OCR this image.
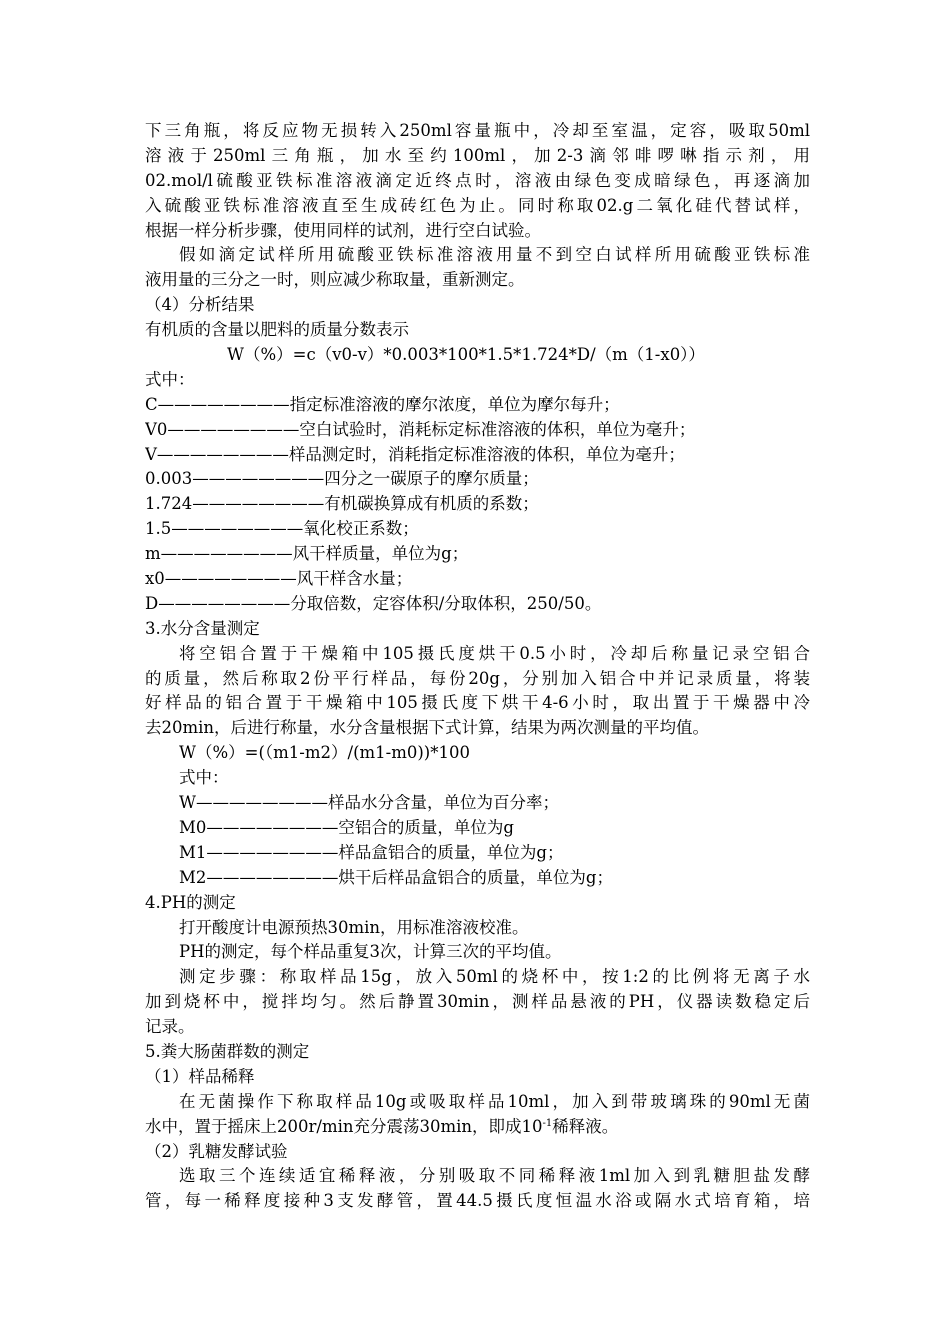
下三角瓶，将反应物无损转入250ml容量瓶中，冷却至室温，定容，吸取50ml
溶液于250ml三角瓶，加水至约100ml，加2-3滴邻啡啰啉指示剂，用
02.mol/l硫酸亚铁标准溶液滴定近终点时，溶液由绿色变成暗绿色，再逐滴加
入硫酸亚铁标准溶液直至生成砖红色为止。同时称取02.g二氧化硅代替试样，
根据一样分析步骤，使用同样的试剂，进行空白试验。
假如滴定试样所用硫酸亚铁标准溶液用量不到空白试样所用硫酸亚铁标准
液用量的三分之一时，则应减少称取量，重新测定。
（4）分析结果
有机质的含量以肥料的质量分数表示
W（%）=c（v0-v）*0.003*100*1.5*1.724*D/（m（1-x0））
式中：
C————————指定标准溶液的摩尔浓度，单位为摩尔每升；
V0————————空白试验时，消耗标定标准溶液的体积，单位为毫升；
V————————样品测定时，消耗指定标准溶液的体积，单位为毫升；
0.003————————四分之一碳原子的摩尔质量；
1.724————————有机碳换算成有机质的系数；
1.5————————氧化校正系数；
m————————风干样质量，单位为g；
x0————————风干样含水量；
D————————分取倍数，定容体积/分取体积，250/50。
3.水分含量测定
将空铝合置于干燥箱中105摄氏度烘干0.5小时，冷却后称量记录空铝合
的质量，然后称取2份平行样品，每份20g，分别加入铝合中并记录质量，将装
好样品的铝合置于干燥箱中105摄氏度下烘干4-6小时，取出置于干燥器中冷
去20min，后进行称量，水分含量根据下式计算，结果为两次测量的平均值。
W（%）=(（m1-m2）/(m1-m0))*100
式中：
W————————样品水分含量，单位为百分率；
M0————————空铝合的质量，单位为g
M1————————样品盒铝合的质量，单位为g；
M2————————烘干后样品盒铝合的质量，单位为g；
4.PH的测定
打开酸度计电源预热30min，用标准溶液校准。
PH的测定，每个样品重复3次，计算三次的平均值。
测定步骤：称取样品15g，放入50ml的烧杯中，按1:2的比例将无离子水
加到烧杯中，搅拌均匀。然后静置30min，测样品悬液的PH，仪器读数稳定后
记录。
5.粪大肠菌群数的测定
（1）样品稀释
在无菌操作下称取样品10g或吸取样品10ml，加入到带玻璃珠的90ml无菌
水中，置于摇床上200r/min充分震荡30min，即成$10^{-1}$稀释液。
（2）乳糖发酵试验
选取三个连续适宜稀释液，分别吸取不同稀释液1ml加入到乳糖胆盐发酵
管，每一稀释度接种3支发酵管，置44.5摄氏度恒温水浴或隔水式培育箱，培
